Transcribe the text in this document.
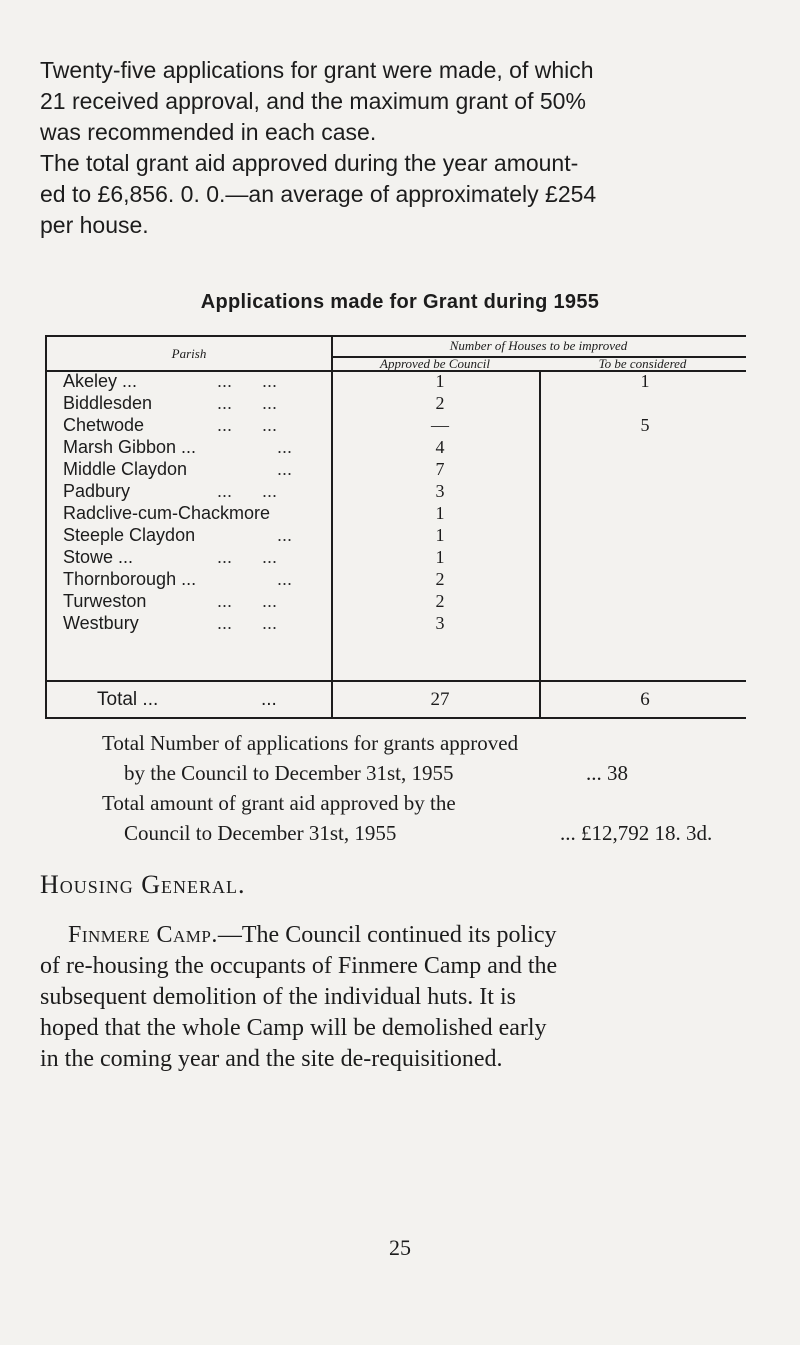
Twenty-five applications for grant were made, of which

21 received approval, and the maximum grant of 50%

was recommended in each case.

The total grant aid approved during the year amount-

ed to £6,856. 0. 0.—an average of approximately £254

per house.

Applications made for Grant during 1955
Parish
Number of Houses to be improved
Approved be Council	To be considered
Akeley ...	...      ...	1	1
Biddlesden	...      ...	2
Chetwode	...      ...	—	5
Marsh Gibbon ...	...	4
Middle Claydon	...	7
Padbury	...      ...	3
Radclive-cum-Chackmore	1
Steeple Claydon	...	1
Stowe ...	...      ...	1
Thornborough ...	...	2
Turweston	...      ...	2
Westbury	...      ...	3
Total ...	...	27	6
Total Number of applications for grants approved
by the Council to December 31st, 1955	... 38
Total amount of grant aid approved by the
Council to December 31st, 1955	... £12,792 18. 3d.
Housing General.
Finmere Camp.—The Council continued its policy
of re-housing the occupants of Finmere Camp and the
subsequent demolition of the individual huts. It is
hoped that the whole Camp will be demolished early
in the coming year and the site de-requisitioned.
25
